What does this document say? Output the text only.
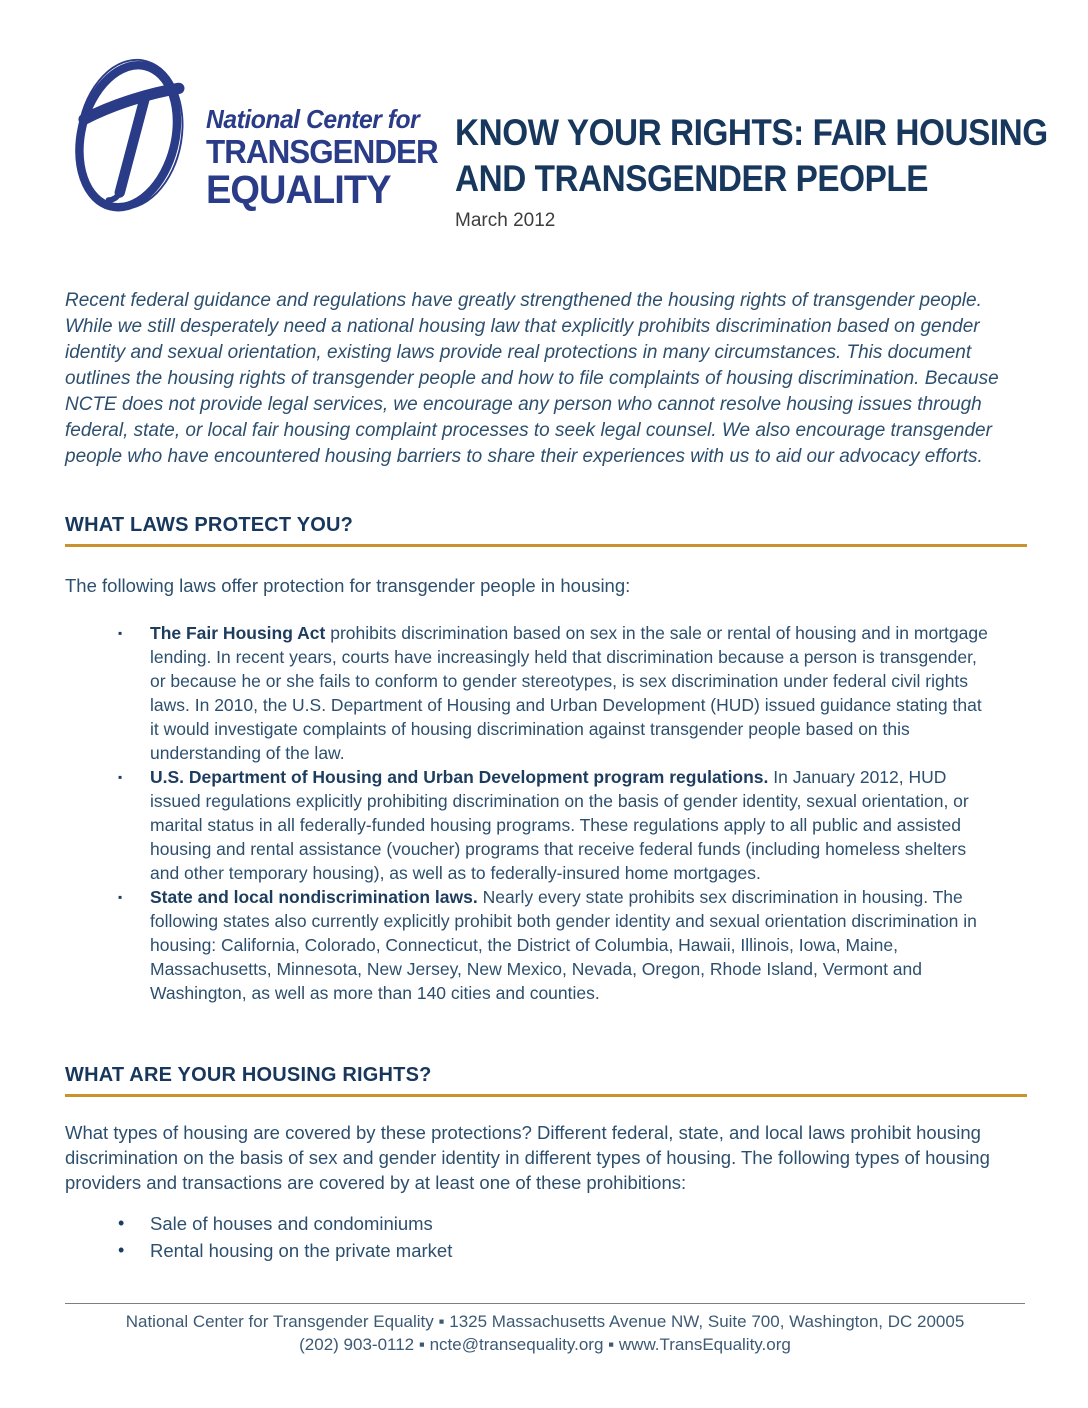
National Center for
TRANSGENDER
EQUALITY
KNOW YOUR RIGHTS: FAIR HOUSING
AND TRANSGENDER PEOPLE
March 2012

Recent federal guidance and regulations have greatly strengthened the housing rights of transgender people. While we still desperately need a national housing law that explicitly prohibits discrimination based on gender identity and sexual orientation, existing laws provide real protections in many circumstances. This document outlines the housing rights of transgender people and how to file complaints of housing discrimination. Because NCTE does not provide legal services, we encourage any person who cannot resolve housing issues through federal, state, or local fair housing complaint processes to seek legal counsel. We also encourage transgender people who have encountered housing barriers to share their experiences with us to aid our advocacy efforts.

WHAT LAWS PROTECT YOU?

The following laws offer protection for transgender people in housing:

▪	The Fair Housing Act prohibits discrimination based on sex in the sale or rental of housing and in mortgage lending. In recent years, courts have increasingly held that discrimination because a person is transgender, or because he or she fails to conform to gender stereotypes, is sex discrimination under federal civil rights laws. In 2010, the U.S. Department of Housing and Urban Development (HUD) issued guidance stating that it would investigate complaints of housing discrimination against transgender people based on this understanding of the law.
▪	U.S. Department of Housing and Urban Development program regulations. In January 2012, HUD issued regulations explicitly prohibiting discrimination on the basis of gender identity, sexual orientation, or marital status in all federally-funded housing programs. These regulations apply to all public and assisted housing and rental assistance (voucher) programs that receive federal funds (including homeless shelters and other temporary housing), as well as to federally-insured home mortgages.
▪	State and local nondiscrimination laws. Nearly every state prohibits sex discrimination in housing. The following states also currently explicitly prohibit both gender identity and sexual orientation discrimination in housing: California, Colorado, Connecticut, the District of Columbia, Hawaii, Illinois, Iowa, Maine, Massachusetts, Minnesota, New Jersey, New Mexico, Nevada, Oregon, Rhode Island, Vermont and Washington, as well as more than 140 cities and counties.
WHAT ARE YOUR HOUSING RIGHTS?

What types of housing are covered by these protections? Different federal, state, and local laws prohibit housing discrimination on the basis of sex and gender identity in different types of housing. The following types of housing providers and transactions are covered by at least one of these prohibitions:

•	Sale of houses and condominiums
•	Rental housing on the private market
National Center for Transgender Equality ▪ 1325 Massachusetts Avenue NW, Suite 700, Washington, DC 20005
(202) 903-0112 ▪ ncte@transequality.org ▪ www.TransEquality.org
